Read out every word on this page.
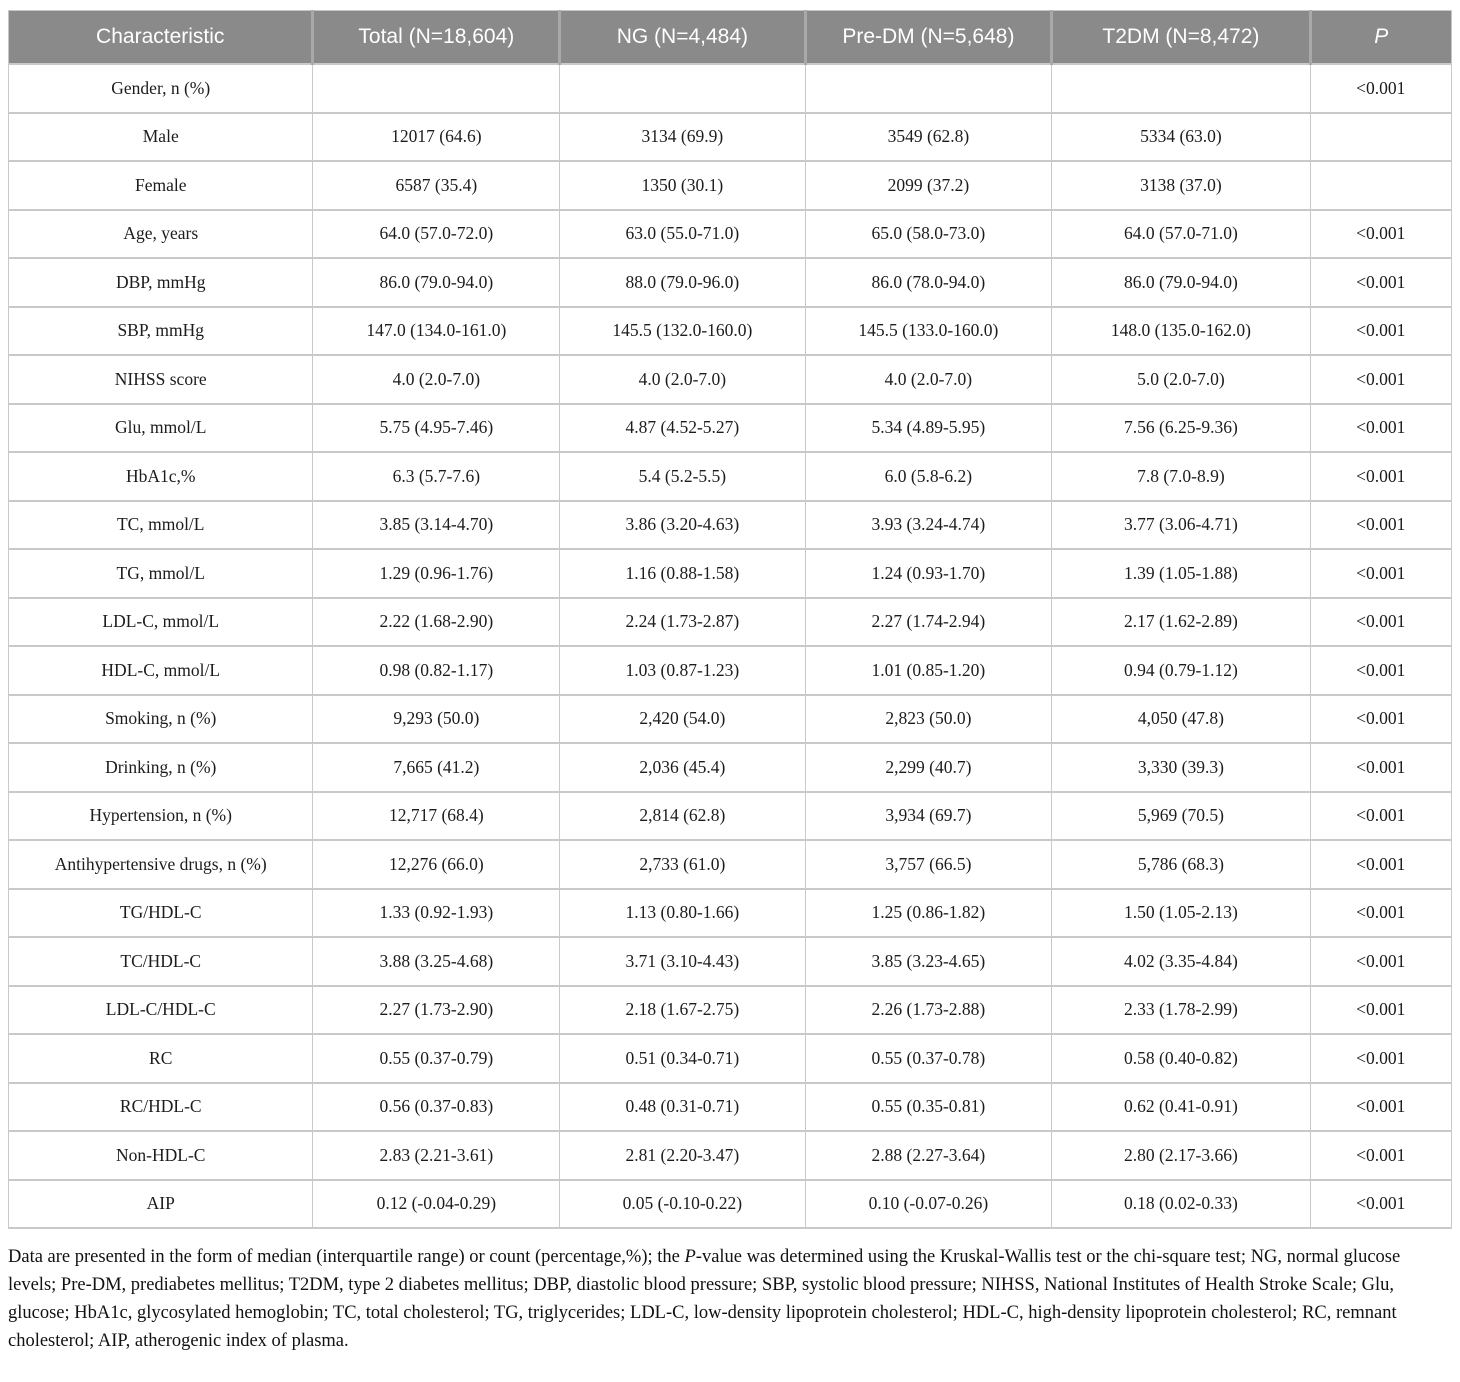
Characteristic	Total (N=18,604)	NG (N=4,484)	Pre-DM (N=5,648)	T2DM (N=8,472)	P
Gender, n (%)					<0.001
Male	12017 (64.6)	3134 (69.9)	3549 (62.8)	5334 (63.0)	
Female	6587 (35.4)	1350 (30.1)	2099 (37.2)	3138 (37.0)	
Age, years	64.0 (57.0-72.0)	63.0 (55.0-71.0)	65.0 (58.0-73.0)	64.0 (57.0-71.0)	<0.001
DBP, mmHg	86.0 (79.0-94.0)	88.0 (79.0-96.0)	86.0 (78.0-94.0)	86.0 (79.0-94.0)	<0.001
SBP, mmHg	147.0 (134.0-161.0)	145.5 (132.0-160.0)	145.5 (133.0-160.0)	148.0 (135.0-162.0)	<0.001
NIHSS score	4.0 (2.0-7.0)	4.0 (2.0-7.0)	4.0 (2.0-7.0)	5.0 (2.0-7.0)	<0.001
Glu, mmol/L	5.75 (4.95-7.46)	4.87 (4.52-5.27)	5.34 (4.89-5.95)	7.56 (6.25-9.36)	<0.001
HbA1c,%	6.3 (5.7-7.6)	5.4 (5.2-5.5)	6.0 (5.8-6.2)	7.8 (7.0-8.9)	<0.001
TC, mmol/L	3.85 (3.14-4.70)	3.86 (3.20-4.63)	3.93 (3.24-4.74)	3.77 (3.06-4.71)	<0.001
TG, mmol/L	1.29 (0.96-1.76)	1.16 (0.88-1.58)	1.24 (0.93-1.70)	1.39 (1.05-1.88)	<0.001
LDL-C, mmol/L	2.22 (1.68-2.90)	2.24 (1.73-2.87)	2.27 (1.74-2.94)	2.17 (1.62-2.89)	<0.001
HDL-C, mmol/L	0.98 (0.82-1.17)	1.03 (0.87-1.23)	1.01 (0.85-1.20)	0.94 (0.79-1.12)	<0.001
Smoking, n (%)	9,293 (50.0)	2,420 (54.0)	2,823 (50.0)	4,050 (47.8)	<0.001
Drinking, n (%)	7,665 (41.2)	2,036 (45.4)	2,299 (40.7)	3,330 (39.3)	<0.001
Hypertension, n (%)	12,717 (68.4)	2,814 (62.8)	3,934 (69.7)	5,969 (70.5)	<0.001
Antihypertensive drugs, n (%)	12,276 (66.0)	2,733 (61.0)	3,757 (66.5)	5,786 (68.3)	<0.001
TG/HDL-C	1.33 (0.92-1.93)	1.13 (0.80-1.66)	1.25 (0.86-1.82)	1.50 (1.05-2.13)	<0.001
TC/HDL-C	3.88 (3.25-4.68)	3.71 (3.10-4.43)	3.85 (3.23-4.65)	4.02 (3.35-4.84)	<0.001
LDL-C/HDL-C	2.27 (1.73-2.90)	2.18 (1.67-2.75)	2.26 (1.73-2.88)	2.33 (1.78-2.99)	<0.001
RC	0.55 (0.37-0.79)	0.51 (0.34-0.71)	0.55 (0.37-0.78)	0.58 (0.40-0.82)	<0.001
RC/HDL-C	0.56 (0.37-0.83)	0.48 (0.31-0.71)	0.55 (0.35-0.81)	0.62 (0.41-0.91)	<0.001
Non-HDL-C	2.83 (2.21-3.61)	2.81 (2.20-3.47)	2.88 (2.27-3.64)	2.80 (2.17-3.66)	<0.001
AIP	0.12 (-0.04-0.29)	0.05 (-0.10-0.22)	0.10 (-0.07-0.26)	0.18 (0.02-0.33)	<0.001

Data are presented in the form of median (interquartile range) or count (percentage,%); the P-value was determined using the Kruskal-Wallis test or the chi-square test; NG, normal glucose levels; Pre-DM, prediabetes mellitus; T2DM, type 2 diabetes mellitus; DBP, diastolic blood pressure; SBP, systolic blood pressure; NIHSS, National Institutes of Health Stroke Scale; Glu, glucose; HbA1c, glycosylated hemoglobin; TC, total cholesterol; TG, triglycerides; LDL-C, low-density lipoprotein cholesterol; HDL-C, high-density lipoprotein cholesterol; RC, remnant cholesterol; AIP, atherogenic index of plasma.
